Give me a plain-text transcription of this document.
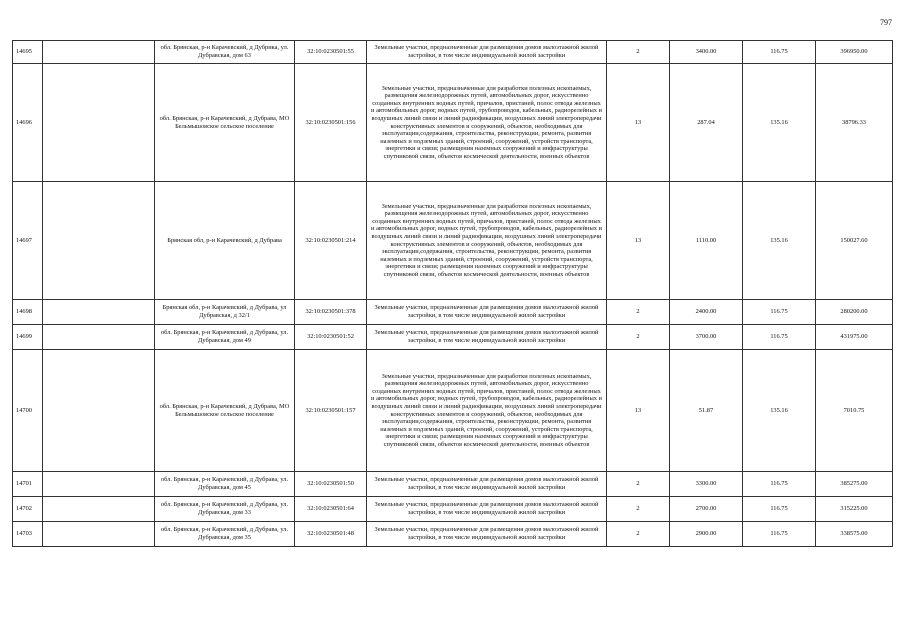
797
14695		обл. Брянская, р-н Карачевский, д Дубрика, ул. Дубравская, дом 63	32:10:0230501:55	Земельные участки, предназначенные для размещения домов малоэтажной жилой застройки, в том числе индивидуальной жилой застройки	2	3400.00	116.75	396950.00
14696		обл. Брянская, р-н Карачевский, д Дубрава, МО Бельмышовское сельское поселение	32:10:0230501:156	Земельные участки, предназначенные для разработки полезных ископаемых, размещения железнодорожных путей, автомобильных дорог, искусственно созданных внутренних водных путей, причалов, пристаней, полос отвода железных и автомобильных дорог, водных путей, трубопроводов, кабельных, радиорелейных и воздушных линий связи и линий радиофикации, воздушных линий электропередачи конструктивных элементов и сооружений, объектов, необходимых для эксплуатации,содержания, строительства, реконструкции, ремонта, развития наземных и подземных зданий, строений, сооружений, устройств транспорта, энергетики и связи; размещения наземных сооружений и инфраструктуры спутниковой связи, объектов космической деятельности, военных объектов	13	287.04	135.16	38796.33
14697		Брянская обл, р-н Карачевский, д Дубрава	32:10:0230501:214	Земельные участки, предназначенные для разработки полезных ископаемых, размещения железнодорожных путей, автомобильных дорог, искусственно созданных внутренних водных путей, причалов, пристаней, полос отвода железных и автомобильных дорог, водных путей, трубопроводов, кабельных, радиорелейных и воздушных линий связи и линий радиофикации, воздушных линий электропередачи конструктивных элементов и сооружений, объектов, необходимых для эксплуатации,содержания, строительства, реконструкции, ремонта, развития наземных и подземных зданий, строений, сооружений, устройств транспорта, энергетики и связи; размещения наземных сооружений и инфраструктуры спутниковой связи, объектов космической деятельности, военных объектов	13	1110.00	135.16	150027.60
14698		Брянская обл, р-н Карачевский, д Дубрава, ул Дубравская, д 32/1	32:10:0230501:378	Земельные участки, предназначенные для размещения домов малоэтажной жилой застройки, в том числе индивидуальной жилой застройки	2	2400.00	116.75	280200.00
14699		обл. Брянская, р-н Карачевский, д Дубрава, ул. Дубравская, дом 49	32:10:0230501:52	Земельные участки, предназначенные для размещения домов малоэтажной жилой застройки, в том числе индивидуальной жилой застройки	2	3700.00	116.75	431975.00
14700		обл. Брянская, р-н Карачевский, д Дубрава, МО Бельмышовское сельское поселение	32:10:0230501:157	Земельные участки, предназначенные для разработки полезных ископаемых, размещения железнодорожных путей, автомобильных дорог, искусственно созданных внутренних водных путей, причалов, пристаней, полос отвода железных и автомобильных дорог, водных путей, трубопроводов, кабельных, радиорелейных и воздушных линий связи и линий радиофикации, воздушных линий электропередачи конструктивных элементов и сооружений, объектов, необходимых для эксплуатации,содержания, строительства, реконструкции, ремонта, развития наземных и подземных зданий, строений, сооружений, устройств транспорта, энергетики и связи; размещения наземных сооружений и инфраструктуры спутниковой связи, объектов космической деятельности, военных объектов	13	51.87	135.16	7010.75
14701		обл. Брянская, р-н Карачевский, д Дубрава, ул. Дубравская, дом 45	32:10:0230501:50	Земельные участки, предназначенные для размещения домов малоэтажной жилой застройки, в том числе индивидуальной жилой застройки	2	3300.00	116.75	385275.00
14702		обл. Брянская, р-н Карачевский, д Дубрава, ул. Дубравская, дом 33	32:10:0230501:64	Земельные участки, предназначенные для размещения домов малоэтажной жилой застройки, в том числе индивидуальной жилой застройки	2	2700.00	116.75	315225.00
14703		обл. Брянская, р-н Карачевский, д Дубрава, ул. Дубравская, дом 35	32:10:0230501:48	Земельные участки, предназначенные для размещения домов малоэтажной жилой застройки, в том числе индивидуальной жилой застройки	2	2900.00	116.75	338575.00
